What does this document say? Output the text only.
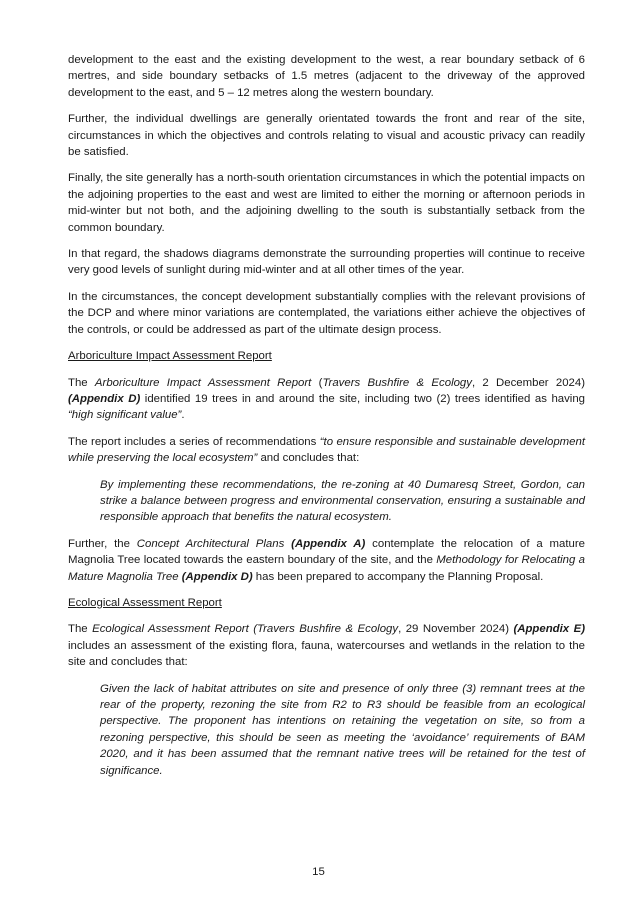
development to the east and the existing development to the west, a rear boundary setback of 6 mertres, and side boundary setbacks of 1.5 metres (adjacent to the driveway of the approved development to the east, and 5 – 12 metres along the western boundary.

Further, the individual dwellings are generally orientated towards the front and rear of the site, circumstances in which the objectives and controls relating to visual and acoustic privacy can readily be satisfied.

Finally, the site generally has a north-south orientation circumstances in which the potential impacts on the adjoining properties to the east and west are limited to either the morning or afternoon periods in mid-winter but not both, and the adjoining dwelling to the south is substantially setback from the common boundary.

In that regard, the shadows diagrams demonstrate the surrounding properties will continue to receive very good levels of sunlight during mid-winter and at all other times of the year.

In the circumstances, the concept development substantially complies with the relevant provisions of the DCP and where minor variations are contemplated, the variations either achieve the objectives of the controls, or could be addressed as part of the ultimate design process.

Arboriculture Impact Assessment Report

The Arboriculture Impact Assessment Report (Travers Bushfire & Ecology, 2 December 2024) (Appendix D) identified 19 trees in and around the site, including two (2) trees identified as having “high significant value”.

The report includes a series of recommendations “to ensure responsible and sustainable development while preserving the local ecosystem” and concludes that:

By implementing these recommendations, the re-zoning at 40 Dumaresq Street, Gordon, can strike a balance between progress and environmental conservation, ensuring a sustainable and responsible approach that benefits the natural ecosystem.

Further, the Concept Architectural Plans (Appendix A) contemplate the relocation of a mature Magnolia Tree located towards the eastern boundary of the site, and the Methodology for Relocating a Mature Magnolia Tree (Appendix D) has been prepared to accompany the Planning Proposal.

Ecological Assessment Report

The Ecological Assessment Report (Travers Bushfire & Ecology, 29 November 2024) (Appendix E) includes an assessment of the existing flora, fauna, watercourses and wetlands in the relation to the site and concludes that:

Given the lack of habitat attributes on site and presence of only three (3) remnant trees at the rear of the property, rezoning the site from R2 to R3 should be feasible from an ecological perspective. The proponent has intentions on retaining the vegetation on site, so from a rezoning perspective, this should be seen as meeting the ‘avoidance’ requirements of BAM 2020, and it has been assumed that the remnant native trees will be retained for the test of significance.

15
